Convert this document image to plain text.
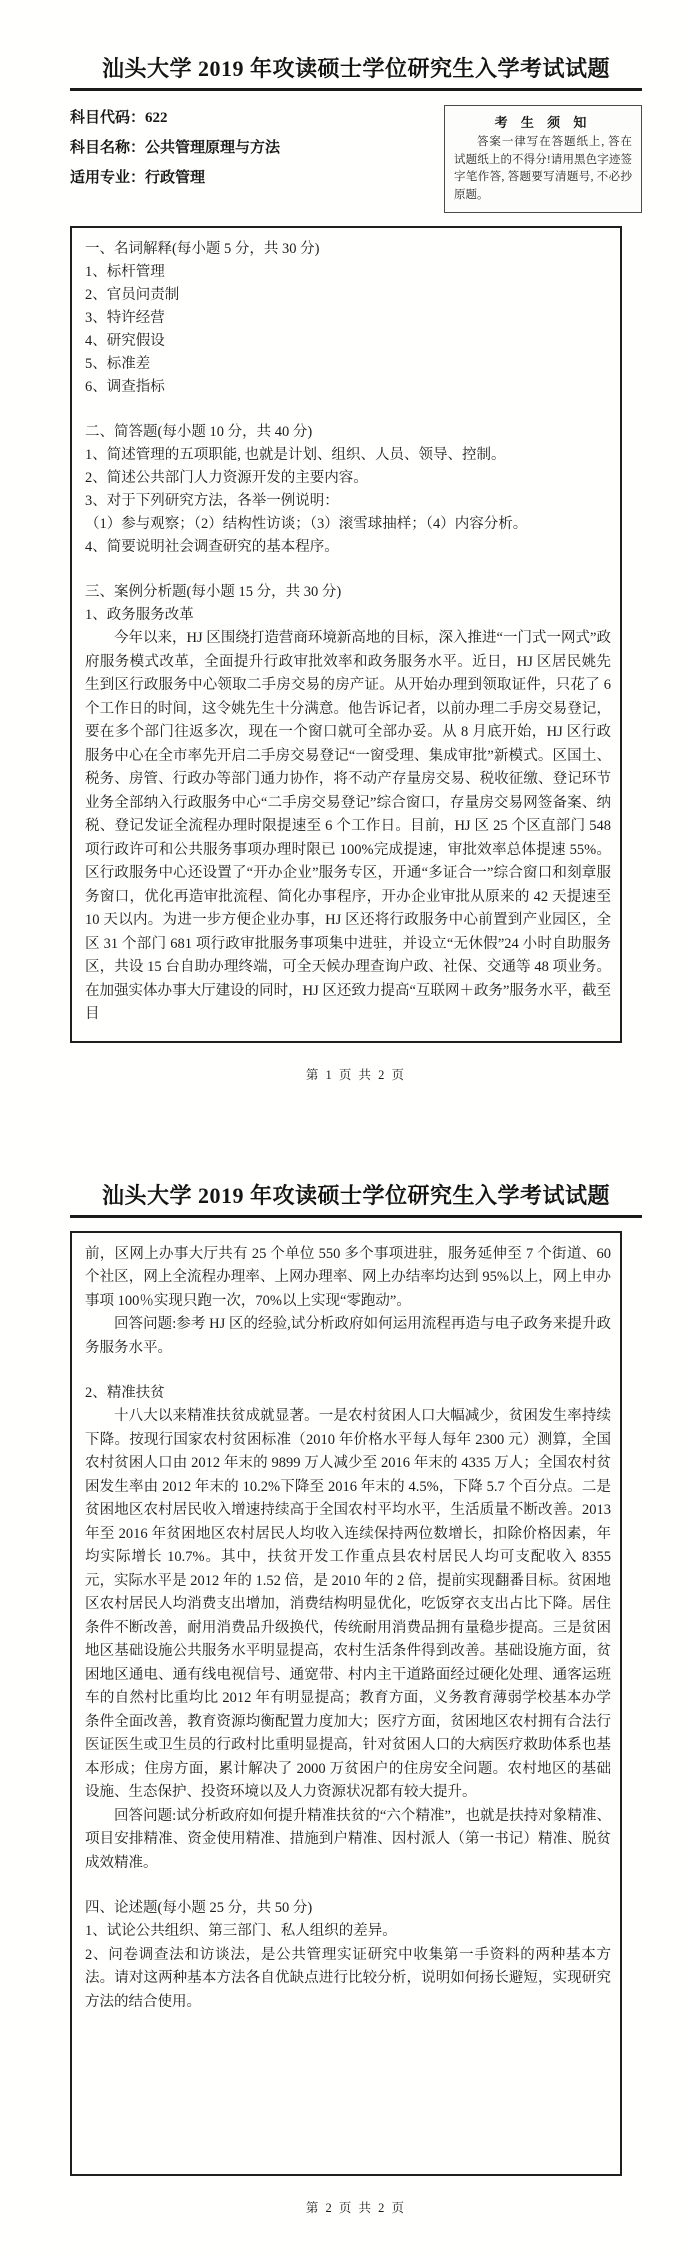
汕头大学 2019 年攻读硕士学位研究生入学考试试题
科目代码：622
科目名称：公共管理原理与方法
适用专业：行政管理
考 生 须 知

答案一律写在答题纸上, 答在试题纸上的不得分!请用黑色字迹签字笔作答, 答题要写清题号, 不必抄原题。

一、名词解释(每小题 5 分，共 30 分)

1、标杆管理

2、官员问责制

3、特许经营

4、研究假设

5、标准差

6、调查指标

二、简答题(每小题 10 分，共 40 分)

1、简述管理的五项职能, 也就是计划、组织、人员、领导、控制。

2、简述公共部门人力资源开发的主要内容。

3、对于下列研究方法，各举一例说明：

（1）参与观察；（2）结构性访谈；（3）滚雪球抽样；（4）内容分析。

4、简要说明社会调查研究的基本程序。

三、案例分析题(每小题 15 分，共 30 分)

1、政务服务改革

今年以来，HJ 区围绕打造营商环境新高地的目标，深入推进“一门式一网式”政府服务模式改革，全面提升行政审批效率和政务服务水平。近日，HJ 区居民姚先生到区行政服务中心领取二手房交易的房产证。从开始办理到领取证件，只花了 6 个工作日的时间，这令姚先生十分满意。他告诉记者，以前办理二手房交易登记，要在多个部门往返多次，现在一个窗口就可全部办妥。从 8 月底开始，HJ 区行政服务中心在全市率先开启二手房交易登记“一窗受理、集成审批”新模式。区国土、税务、房管、行政办等部门通力协作，将不动产存量房交易、税收征缴、登记环节业务全部纳入行政服务中心“二手房交易登记”综合窗口，存量房交易网签备案、纳税、登记发证全流程办理时限提速至 6 个工作日。目前，HJ 区 25 个区直部门 548 项行政许可和公共服务事项办理时限已 100%完成提速，审批效率总体提速 55%。区行政服务中心还设置了“开办企业”服务专区，开通“多证合一”综合窗口和刻章服务窗口，优化再造审批流程、简化办事程序，开办企业审批从原来的 42 天提速至 10 天以内。为进一步方便企业办事，HJ 区还将行政服务中心前置到产业园区，全区 31 个部门 681 项行政审批服务事项集中进驻，并设立“无休假”24 小时自助服务区，共设 15 台自助办理终端，可全天候办理查询户政、社保、交通等 48 项业务。在加强实体办事大厅建设的同时，HJ 区还致力提高“互联网＋政务”服务水平，截至目

第 1 页 共 2 页
汕头大学 2019 年攻读硕士学位研究生入学考试试题

前，区网上办事大厅共有 25 个单位 550 多个事项进驻，服务延伸至 7 个街道、60 个社区，网上全流程办理率、上网办理率、网上办结率均达到 95%以上，网上申办事项 100％实现只跑一次，70%以上实现“零跑动”。

回答问题:参考 HJ 区的经验,试分析政府如何运用流程再造与电子政务来提升政务服务水平。

2、精准扶贫

十八大以来精准扶贫成就显著。一是农村贫困人口大幅减少，贫困发生率持续下降。按现行国家农村贫困标准（2010 年价格水平每人每年 2300 元）测算，全国农村贫困人口由 2012 年末的 9899 万人减少至 2016 年末的 4335 万人；全国农村贫困发生率由 2012 年末的 10.2%下降至 2016 年末的 4.5%，下降 5.7 个百分点。二是贫困地区农村居民收入增速持续高于全国农村平均水平，生活质量不断改善。2013 年至 2016 年贫困地区农村居民人均收入连续保持两位数增长，扣除价格因素，年均实际增长 10.7%。其中，扶贫开发工作重点县农村居民人均可支配收入 8355 元，实际水平是 2012 年的 1.52 倍，是 2010 年的 2 倍，提前实现翻番目标。贫困地区农村居民人均消费支出增加，消费结构明显优化，吃饭穿衣支出占比下降。居住条件不断改善，耐用消费品升级换代，传统耐用消费品拥有量稳步提高。三是贫困地区基础设施公共服务水平明显提高，农村生活条件得到改善。基础设施方面，贫困地区通电、通有线电视信号、通宽带、村内主干道路面经过硬化处理、通客运班车的自然村比重均比 2012 年有明显提高；教育方面，义务教育薄弱学校基本办学条件全面改善，教育资源均衡配置力度加大；医疗方面，贫困地区农村拥有合法行医证医生或卫生员的行政村比重明显提高，针对贫困人口的大病医疗救助体系也基本形成；住房方面，累计解决了 2000 万贫困户的住房安全问题。农村地区的基础设施、生态保护、投资环境以及人力资源状况都有较大提升。

回答问题:试分析政府如何提升精准扶贫的“六个精准”，也就是扶持对象精准、项目安排精准、资金使用精准、措施到户精准、因村派人（第一书记）精准、脱贫成效精准。

四、论述题(每小题 25 分，共 50 分)

1、试论公共组织、第三部门、私人组织的差异。

2、问卷调查法和访谈法，是公共管理实证研究中收集第一手资料的两种基本方法。请对这两种基本方法各自优缺点进行比较分析，说明如何扬长避短，实现研究方法的结合使用。

第 2 页 共 2 页
